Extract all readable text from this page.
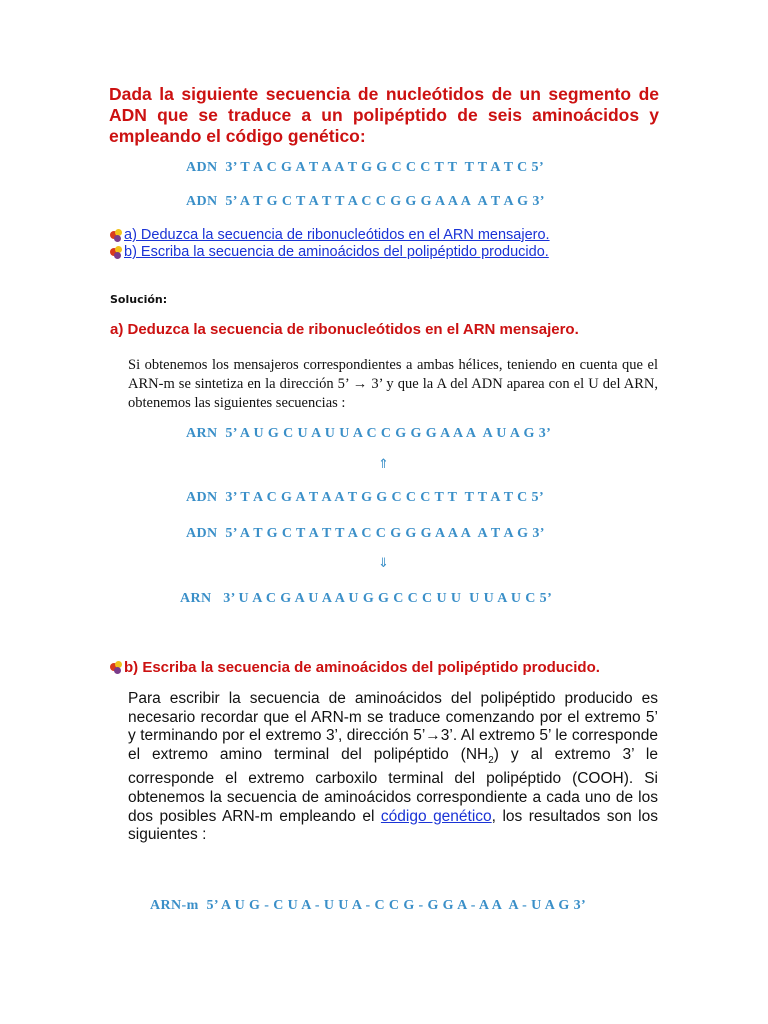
Dada la siguiente secuencia de nucleótidos de un segmento de ADN que se traduce a un polipéptido de seis aminoácidos y empleando el código genético:
ADN  3’ T A C G A T A A T G G C C C T T  T T A T C 5’
ADN  5’ A T G C T A T T A C C G G G A A A  A T A G 3’
a) Deduzca la secuencia de ribonucleótidos en el ARN mensajero.
b) Escriba la secuencia de aminoácidos del polipéptido producido.
Solución:
a) Deduzca la secuencia de ribonucleótidos en el ARN mensajero.
Si obtenemos los mensajeros correspondientes a ambas hélices, teniendo en cuenta que el ARN-m se sintetiza en la dirección 5’ → 3’ y que la A del ADN aparea con el U del ARN, obtenemos las siguientes secuencias :
ARN  5’ A U G C U A U U A C C G G G A A A  A U A G 3’
⇑
ADN  3’ T A C G A T A A T G G C C C T T  T T A T C 5’
ADN  5’ A T G C T A T T A C C G G G A A A  A T A G 3’
⇓
ARN   3’ U A C G A U A A U G G C C C U U  U U A U C 5’
b) Escriba la secuencia de aminoácidos del polipéptido producido.
Para escribir la secuencia de aminoácidos del polipéptido producido es necesario recordar que el ARN-m se traduce comenzando por el extremo 5’ y terminando por el extremo 3’, dirección 5’→3’. Al extremo 5’ le corresponde el extremo amino terminal del polipéptido $(NH_2)$ y al extremo 3’ le corresponde el extremo carboxilo terminal del polipéptido (COOH). Si obtenemos la secuencia de aminoácidos correspondiente a cada uno de los dos posibles ARN-m empleando el código genético, los resultados son los siguientes :
ARN-m  5’ A U G - C U A - U U A - C C G - G G A - A A  A - U A G 3’
